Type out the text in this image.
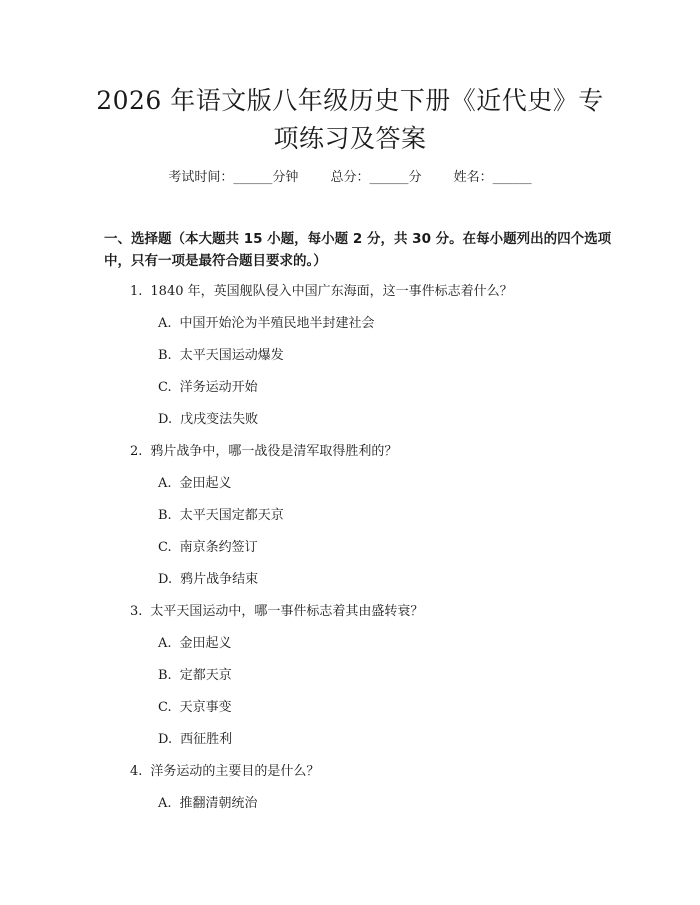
2026 年语文版八年级历史下册《近代史》专项练习及答案
考试时间：______分钟 总分：______分 姓名：______
一、选择题（本大题共 15 小题，每小题 2 分，共 30 分。在每小题列出的四个选项中，只有一项是最符合题目要求的。）
1. 1840 年，英国舰队侵入中国广东海面，这一事件标志着什么？
A. 中国开始沦为半殖民地半封建社会
B. 太平天国运动爆发
C. 洋务运动开始
D. 戊戌变法失败
2. 鸦片战争中，哪一战役是清军取得胜利的？
A. 金田起义
B. 太平天国定都天京
C. 南京条约签订
D. 鸦片战争结束
3. 太平天国运动中，哪一事件标志着其由盛转衰？
A. 金田起义
B. 定都天京
C. 天京事变
D. 西征胜利
4. 洋务运动的主要目的是什么？
A. 推翻清朝统治
